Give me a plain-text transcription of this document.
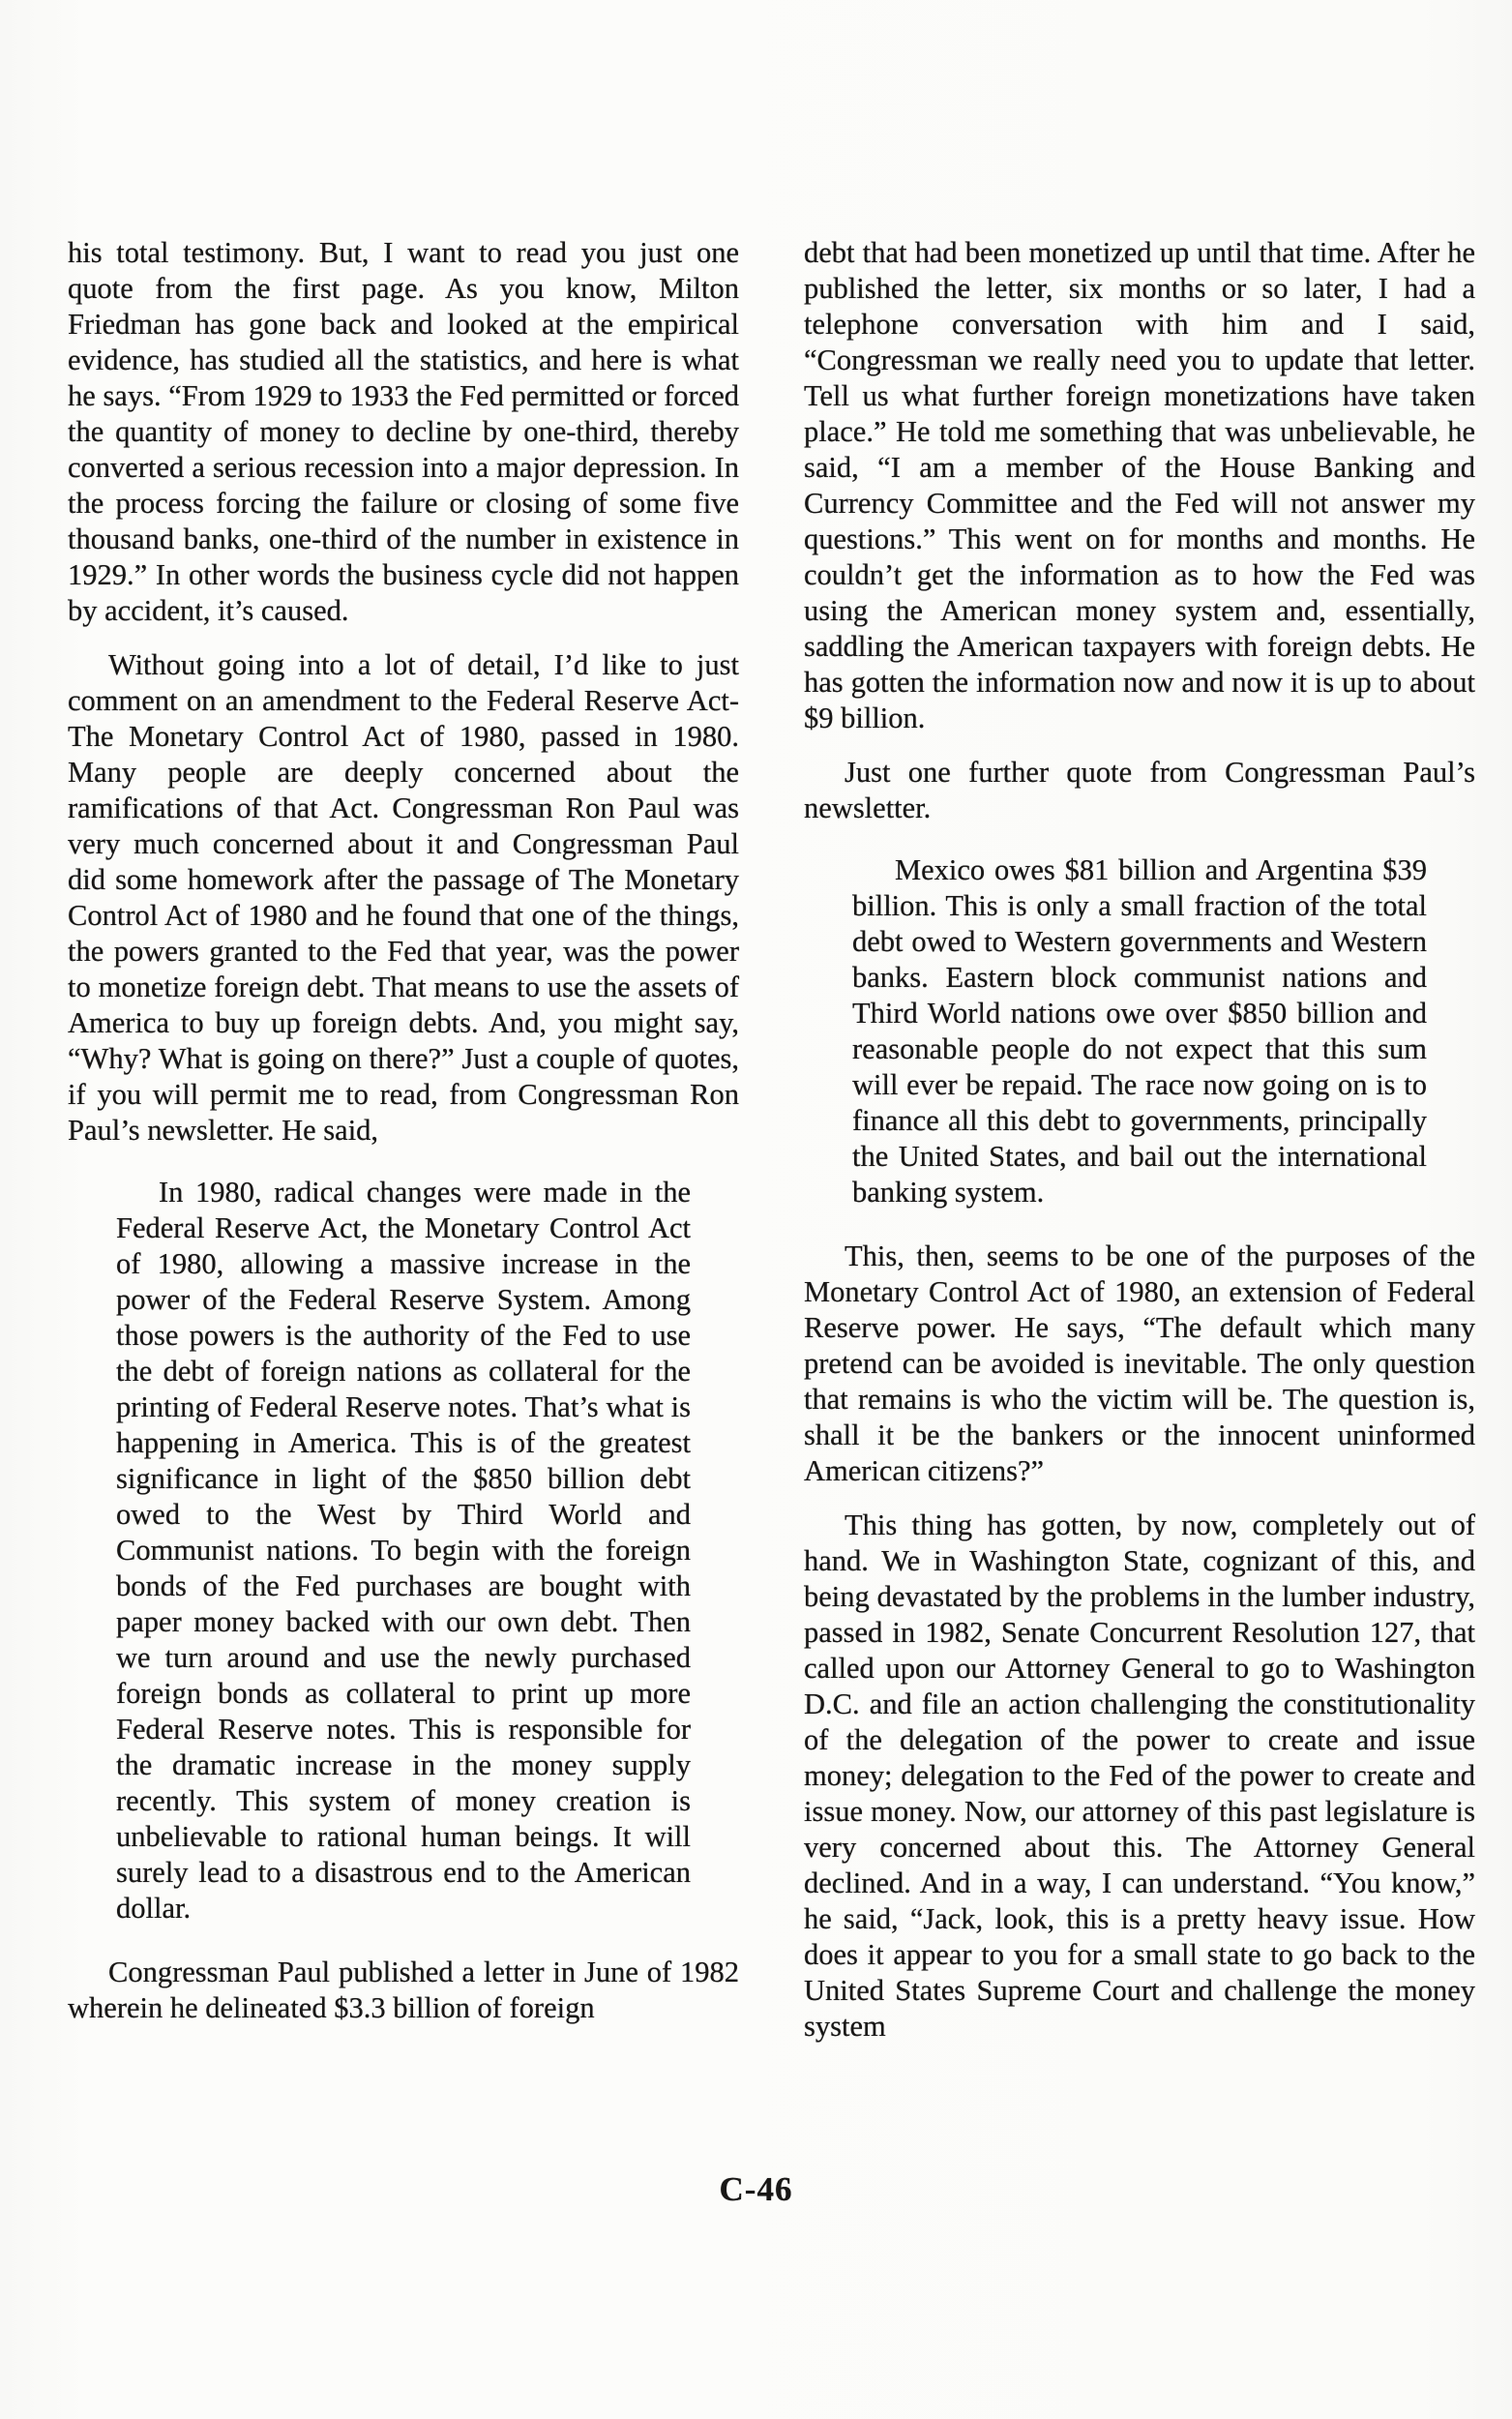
his total testimony. But, I want to read you just one quote from the first page. As you know, Milton Friedman has gone back and looked at the empirical evidence, has studied all the statistics, and here is what he says. “From 1929 to 1933 the Fed permitted or forced the quantity of money to decline by one-third, thereby converted a serious recession into a major depression. In the process forcing the failure or closing of some five thousand banks, one-third of the number in existence in 1929.” In other words the business cycle did not happen by accident, it’s caused.

Without going into a lot of detail, I’d like to just comment on an amendment to the Federal Reserve Act-The Monetary Control Act of 1980, passed in 1980. Many people are deeply concerned about the ramifications of that Act. Congressman Ron Paul was very much concerned about it and Congressman Paul did some homework after the passage of The Monetary Control Act of 1980 and he found that one of the things, the powers granted to the Fed that year, was the power to monetize foreign debt. That means to use the assets of America to buy up foreign debts. And, you might say, “Why? What is going on there?” Just a couple of quotes, if you will permit me to read, from Congressman Ron Paul’s newsletter. He said,

In 1980, radical changes were made in the Federal Reserve Act, the Monetary Control Act of 1980, allowing a massive increase in the power of the Federal Reserve System. Among those powers is the authority of the Fed to use the debt of foreign nations as collateral for the printing of Federal Reserve notes. That’s what is happening in America. This is of the greatest significance in light of the $850 billion debt owed to the West by Third World and Communist nations. To begin with the foreign bonds of the Fed purchases are bought with paper money backed with our own debt. Then we turn around and use the newly purchased foreign bonds as collateral to print up more Federal Reserve notes. This is responsible for the dramatic increase in the money supply recently. This system of money creation is unbelievable to rational human beings. It will surely lead to a disastrous end to the American dollar.

Congressman Paul published a letter in June of 1982 wherein he delineated $3.3 billion of foreign

debt that had been monetized up until that time. After he published the letter, six months or so later, I had a telephone conversation with him and I said, “Congressman we really need you to update that letter. Tell us what further foreign monetizations have taken place.” He told me something that was unbelievable, he said, “I am a member of the House Banking and Currency Committee and the Fed will not answer my questions.” This went on for months and months. He couldn’t get the information as to how the Fed was using the American money system and, essentially, saddling the American taxpayers with foreign debts. He has gotten the information now and now it is up to about $9 billion.

Just one further quote from Congressman Paul’s newsletter.

Mexico owes $81 billion and Argentina $39 billion. This is only a small fraction of the total debt owed to Western governments and Western banks. Eastern block communist nations and Third World nations owe over $850 billion and reasonable people do not expect that this sum will ever be repaid. The race now going on is to finance all this debt to governments, principally the United States, and bail out the international banking system.

This, then, seems to be one of the purposes of the Monetary Control Act of 1980, an extension of Federal Reserve power. He says, “The default which many pretend can be avoided is inevitable. The only question that remains is who the victim will be. The question is, shall it be the bankers or the innocent uninformed American citizens?”

This thing has gotten, by now, completely out of hand. We in Washington State, cognizant of this, and being devastated by the problems in the lumber industry, passed in 1982, Senate Concurrent Resolution 127, that called upon our Attorney General to go to Washington D.C. and file an action challenging the constitutionality of the delegation of the power to create and issue money; delegation to the Fed of the power to create and issue money. Now, our attorney of this past legislature is very concerned about this. The Attorney General declined. And in a way, I can understand. “You know,” he said, “Jack, look, this is a pretty heavy issue. How does it appear to you for a small state to go back to the United States Supreme Court and challenge the money system

C-46
